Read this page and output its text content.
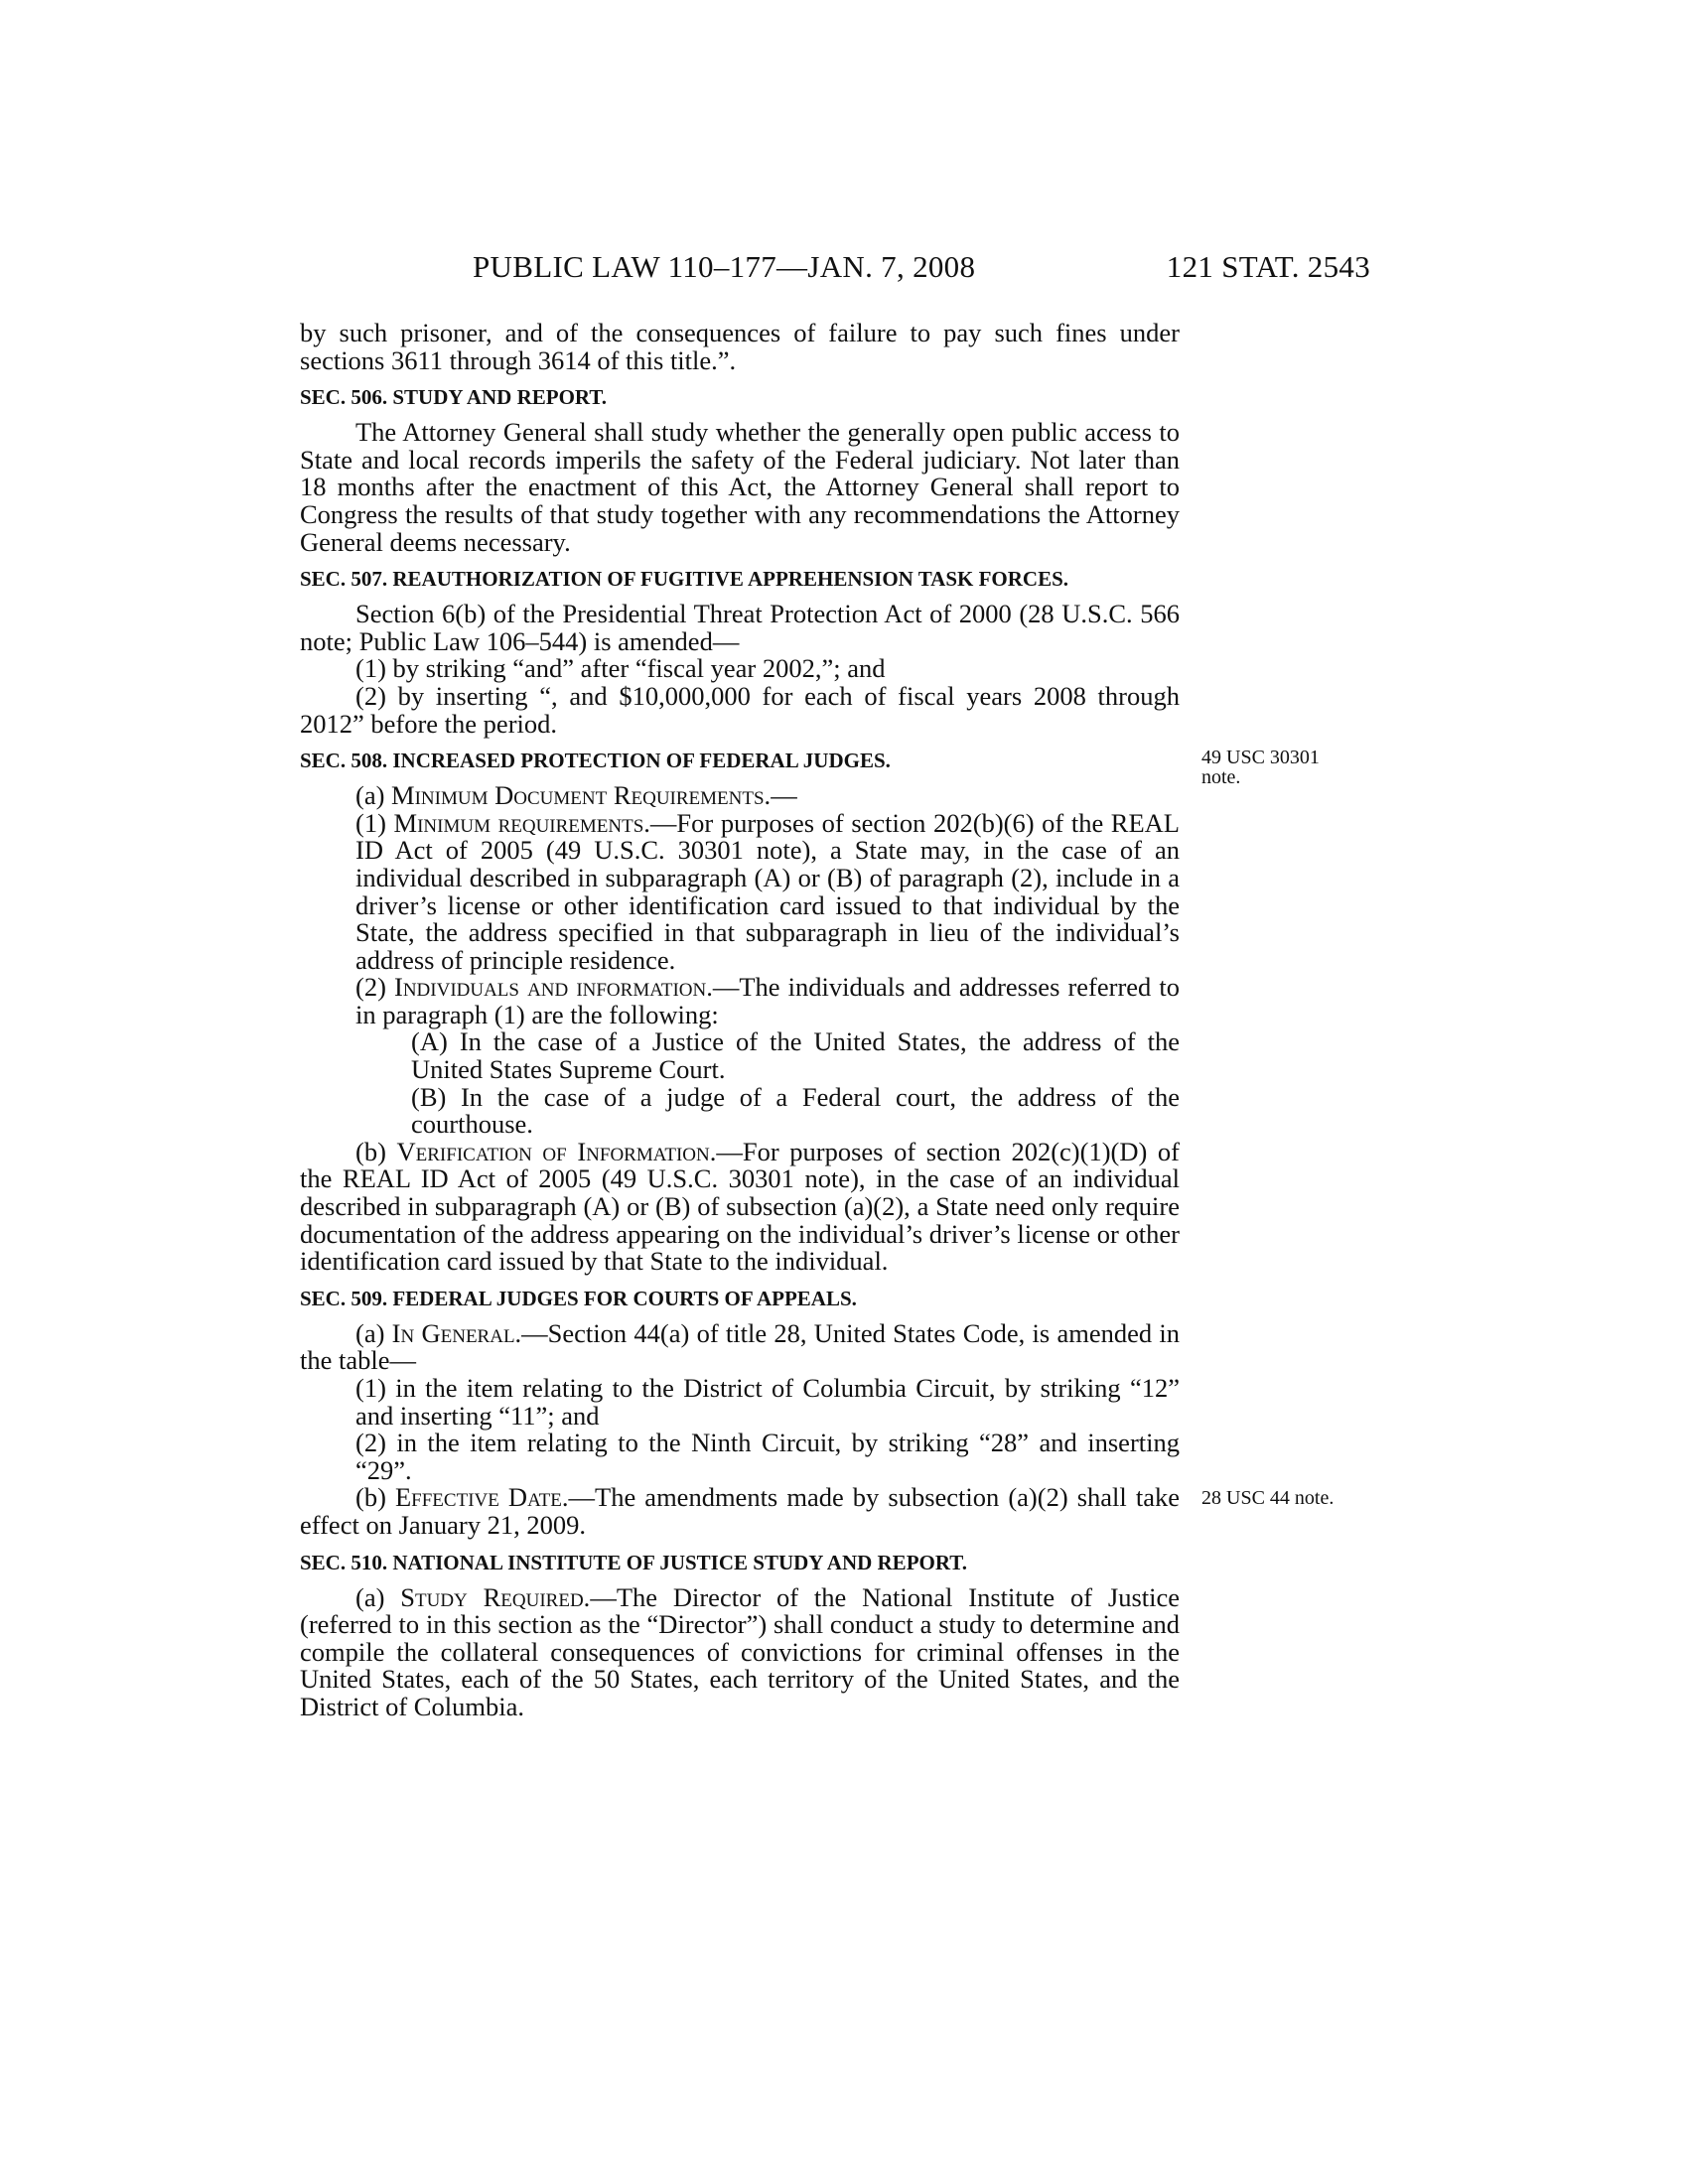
PUBLIC LAW 110–177—JAN. 7, 2008	121 STAT. 2543

by such prisoner, and of the consequences of failure to pay such fines under sections 3611 through 3614 of this title.”.

SEC. 506. STUDY AND REPORT.

The Attorney General shall study whether the generally open public access to State and local records imperils the safety of the Federal judiciary. Not later than 18 months after the enactment of this Act, the Attorney General shall report to Congress the results of that study together with any recommendations the Attorney General deems necessary.

SEC. 507. REAUTHORIZATION OF FUGITIVE APPREHENSION TASK FORCES.

Section 6(b) of the Presidential Threat Protection Act of 2000 (28 U.S.C. 566 note; Public Law 106–544) is amended—

(1) by striking “and” after “fiscal year 2002,”; and

(2) by inserting “, and $10,000,000 for each of fiscal years 2008 through 2012” before the period.

SEC. 508. INCREASED PROTECTION OF FEDERAL JUDGES.	49 USC 30301 note.

(a) Minimum Document Requirements.—

(1) Minimum requirements.—For purposes of section 202(b)(6) of the REAL ID Act of 2005 (49 U.S.C. 30301 note), a State may, in the case of an individual described in subparagraph (A) or (B) of paragraph (2), include in a driver’s license or other identification card issued to that individual by the State, the address specified in that subparagraph in lieu of the individual’s address of principle residence.

(2) Individuals and information.—The individuals and addresses referred to in paragraph (1) are the following:

(A) In the case of a Justice of the United States, the address of the United States Supreme Court.

(B) In the case of a judge of a Federal court, the address of the courthouse.

(b) Verification of Information.—For purposes of section 202(c)(1)(D) of the REAL ID Act of 2005 (49 U.S.C. 30301 note), in the case of an individual described in subparagraph (A) or (B) of subsection (a)(2), a State need only require documentation of the address appearing on the individual’s driver’s license or other identification card issued by that State to the individual.

SEC. 509. FEDERAL JUDGES FOR COURTS OF APPEALS.

(a) In General.—Section 44(a) of title 28, United States Code, is amended in the table—

(1) in the item relating to the District of Columbia Circuit, by striking “12” and inserting “11”; and

(2) in the item relating to the Ninth Circuit, by striking “28” and inserting “29”.

(b) Effective Date.—The amendments made by subsection (a)(2) shall take effect on January 21, 2009.

28 USC 44 note.

SEC. 510. NATIONAL INSTITUTE OF JUSTICE STUDY AND REPORT.

(a) Study Required.—The Director of the National Institute of Justice (referred to in this section as the “Director”) shall conduct a study to determine and compile the collateral consequences of convictions for criminal offenses in the United States, each of the 50 States, each territory of the United States, and the District of Columbia.
